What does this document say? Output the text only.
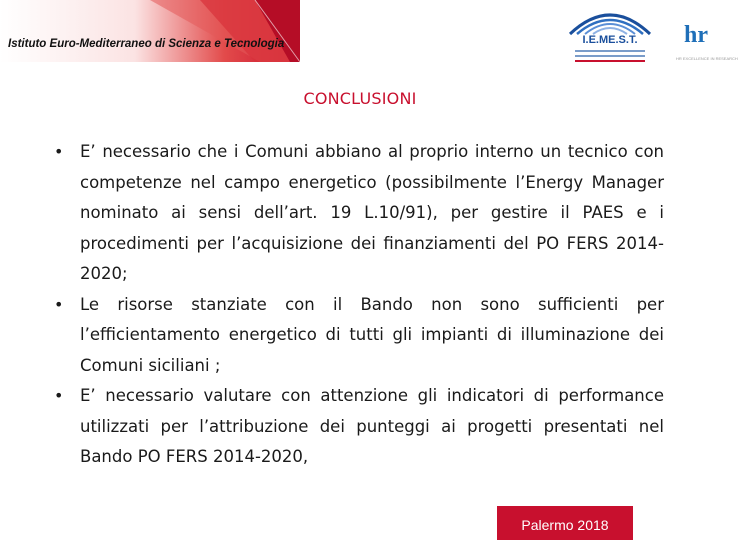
Istituto Euro-Mediterraneo di Scienza e Tecnologia	I.E.ME.S.T.	hr
HR EXCELLENCE IN RESEARCH
CONCLUSIONI
• E’ necessario che i Comuni abbiano al proprio interno un tecnico con competenze nel campo energetico (possibilmente l’Energy Manager nominato ai sensi dell’art. 19 L.10/91), per gestire il PAES e i procedimenti per l’acquisizione dei finanziamenti del PO FERS 2014-2020;
• Le risorse stanziate con il Bando non sono sufficienti per l’efficientamento energetico di tutti gli impianti di illuminazione dei Comuni siciliani ;
• E’ necessario valutare con attenzione gli indicatori di performance utilizzati per l’attribuzione dei punteggi ai progetti presentati nel Bando PO FERS 2014-2020,
Palermo 2018
